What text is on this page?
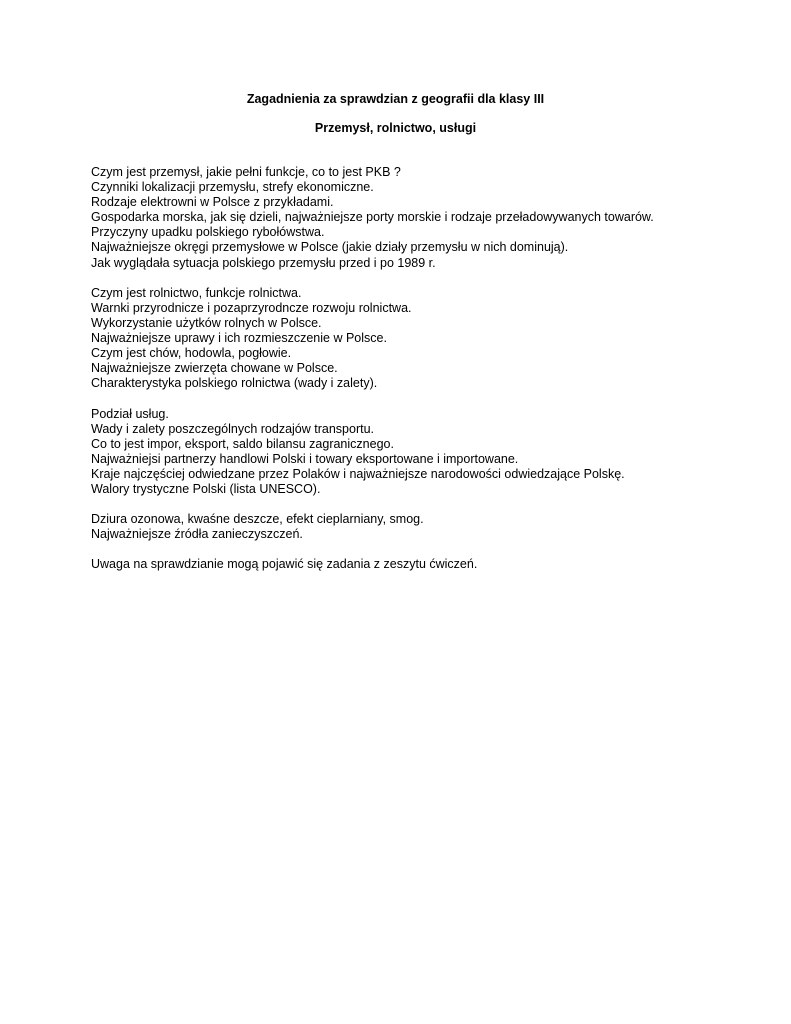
Zagadnienia za sprawdzian z geografii dla klasy III
Przemysł, rolnictwo, usługi
Czym jest przemysł, jakie pełni funkcje, co to jest PKB ?
Czynniki lokalizacji przemysłu, strefy ekonomiczne.
Rodzaje elektrowni w Polsce z przykładami.
Gospodarka morska, jak się dzieli, najważniejsze porty morskie i rodzaje przeładowywanych towarów.
Przyczyny upadku polskiego rybołówstwa.
Najważniejsze okręgi przemysłowe w Polsce (jakie działy przemysłu w nich dominują).
Jak wyglądała sytuacja polskiego przemysłu przed i po 1989 r.
Czym jest rolnictwo, funkcje rolnictwa.
Warnki przyrodnicze i pozaprzyrodncze rozwoju rolnictwa.
Wykorzystanie użytków rolnych w Polsce.
Najważniejsze uprawy i ich rozmieszczenie w Polsce.
Czym jest chów, hodowla, pogłowie.
Najważniejsze zwierzęta chowane w Polsce.
Charakterystyka polskiego rolnictwa (wady i zalety).
Podział usług.
Wady i zalety poszczególnych rodzajów transportu.
Co to jest impor, eksport, saldo bilansu zagranicznego.
Najważniejsi partnerzy handlowi Polski i towary eksportowane i importowane.
Kraje najczęściej odwiedzane przez Polaków i najważniejsze narodowości odwiedzające Polskę.
Walory trystyczne Polski (lista UNESCO).
Dziura ozonowa, kwaśne deszcze, efekt cieplarniany, smog.
Najważniejsze źródła zanieczyszczeń.
Uwaga na sprawdzianie mogą pojawić się zadania z zeszytu ćwiczeń.
